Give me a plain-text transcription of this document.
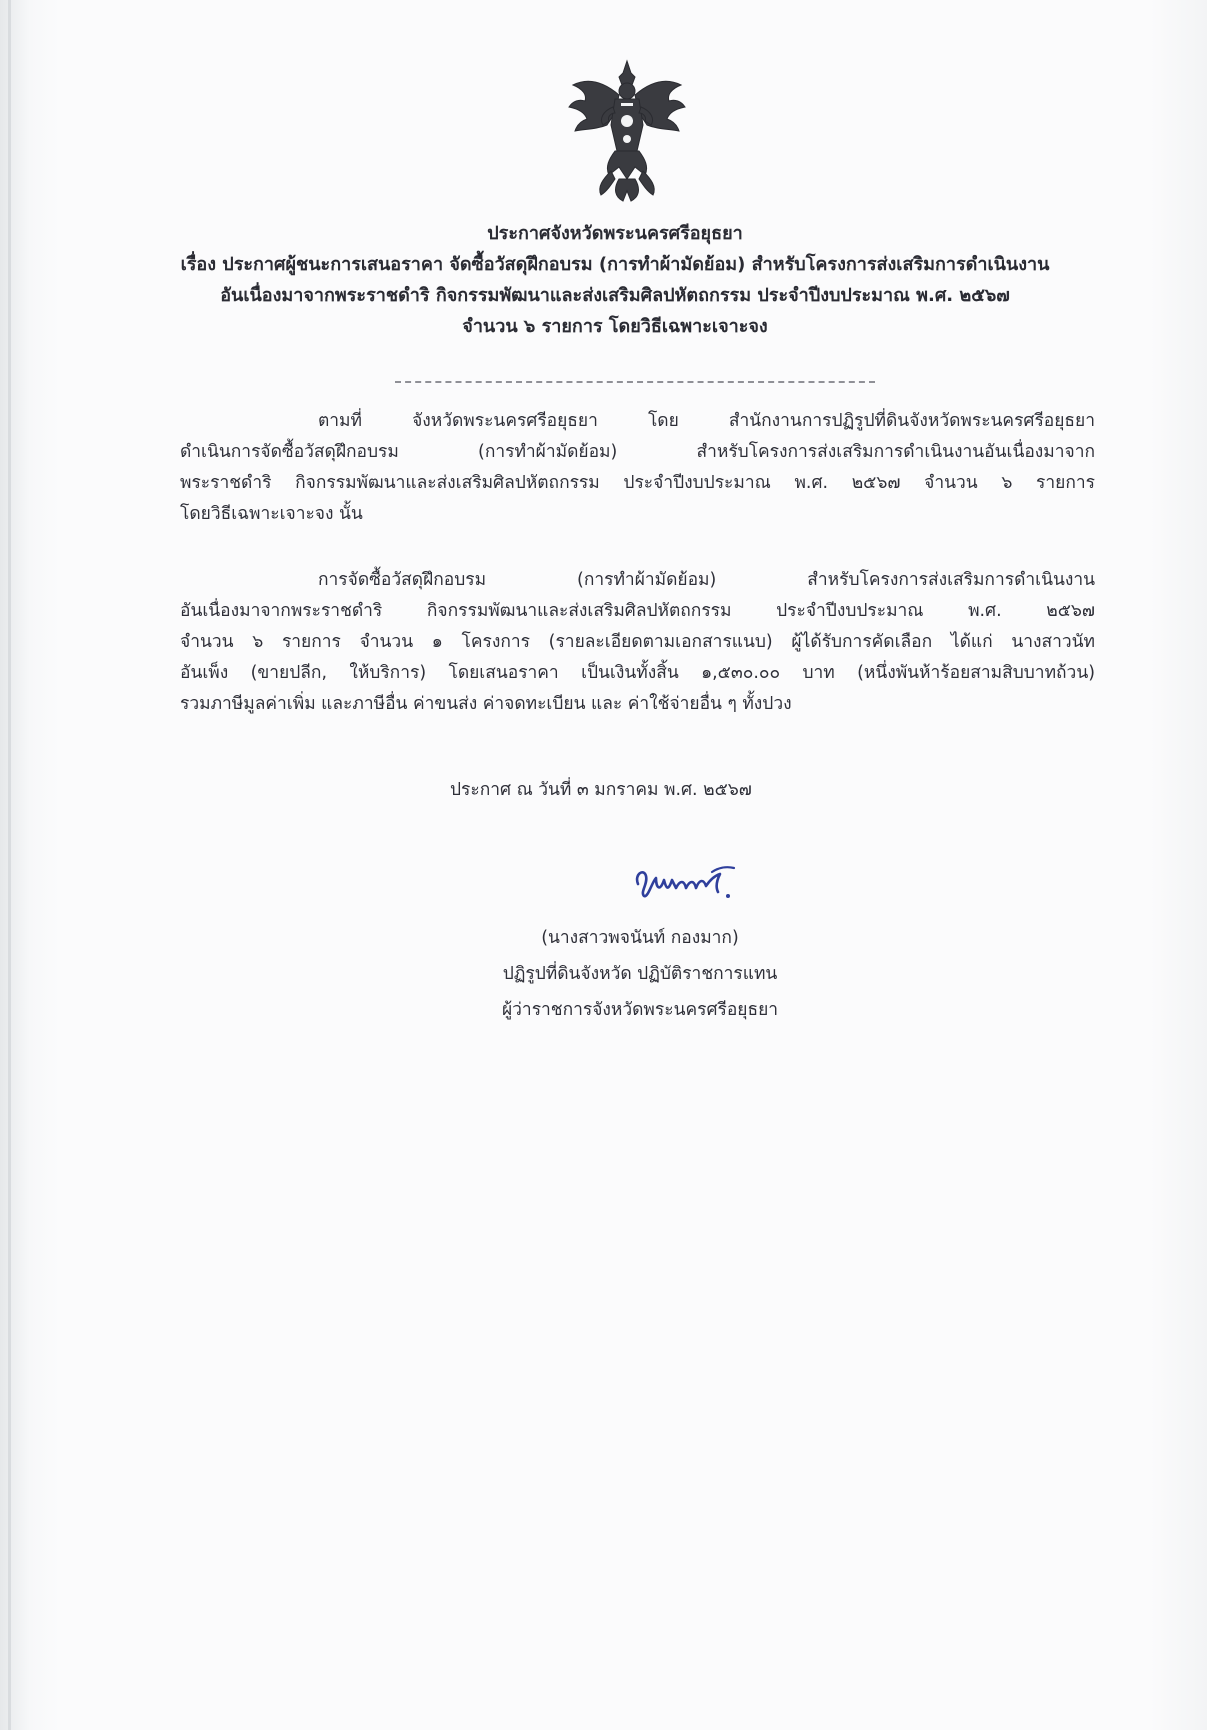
ประกาศจังหวัดพระนครศรีอยุธยา
เรื่อง ประกาศผู้ชนะการเสนอราคา จัดซื้อวัสดุฝึกอบรม (การทำผ้ามัดย้อม) สำหรับโครงการส่งเสริมการดำเนินงาน
อันเนื่องมาจากพระราชดำริ กิจกรรมพัฒนาและส่งเสริมศิลปหัตถกรรม ประจำปีงบประมาณ พ.ศ. ๒๕๖๗
จำนวน ๖ รายการ โดยวิธีเฉพาะเจาะจง
ตามที่ จังหวัดพระนครศรีอยุธยา โดย สำนักงานการปฏิรูปที่ดินจังหวัดพระนครศรีอยุธยา
ดำเนินการจัดซื้อวัสดุฝึกอบรม (การทำผ้ามัดย้อม) สำหรับโครงการส่งเสริมการดำเนินงานอันเนื่องมาจาก
พระราชดำริ กิจกรรมพัฒนาและส่งเสริมศิลปหัตถกรรม ประจำปีงบประมาณ พ.ศ. ๒๕๖๗ จำนวน ๖ รายการ
โดยวิธีเฉพาะเจาะจง นั้น
การจัดซื้อวัสดุฝึกอบรม (การทำผ้ามัดย้อม) สำหรับโครงการส่งเสริมการดำเนินงาน
อันเนื่องมาจากพระราชดำริ กิจกรรมพัฒนาและส่งเสริมศิลปหัตถกรรม ประจำปีงบประมาณ พ.ศ. ๒๕๖๗
จำนวน ๖ รายการ จำนวน ๑ โครงการ (รายละเอียดตามเอกสารแนบ) ผู้ได้รับการคัดเลือก ได้แก่ นางสาวนัท
อันเพ็ง (ขายปลีก, ให้บริการ) โดยเสนอราคา เป็นเงินทั้งสิ้น ๑,๕๓๐.๐๐ บาท (หนึ่งพันห้าร้อยสามสิบบาทถ้วน)
รวมภาษีมูลค่าเพิ่ม และภาษีอื่น ค่าขนส่ง ค่าจดทะเบียน และ ค่าใช้จ่ายอื่น ๆ ทั้งปวง
ประกาศ ณ วันที่ ๓ มกราคม พ.ศ. ๒๕๖๗
(นางสาวพจนันท์ กองมาก)
ปฏิรูปที่ดินจังหวัด ปฏิบัติราชการแทน
ผู้ว่าราชการจังหวัดพระนครศรีอยุธยา
